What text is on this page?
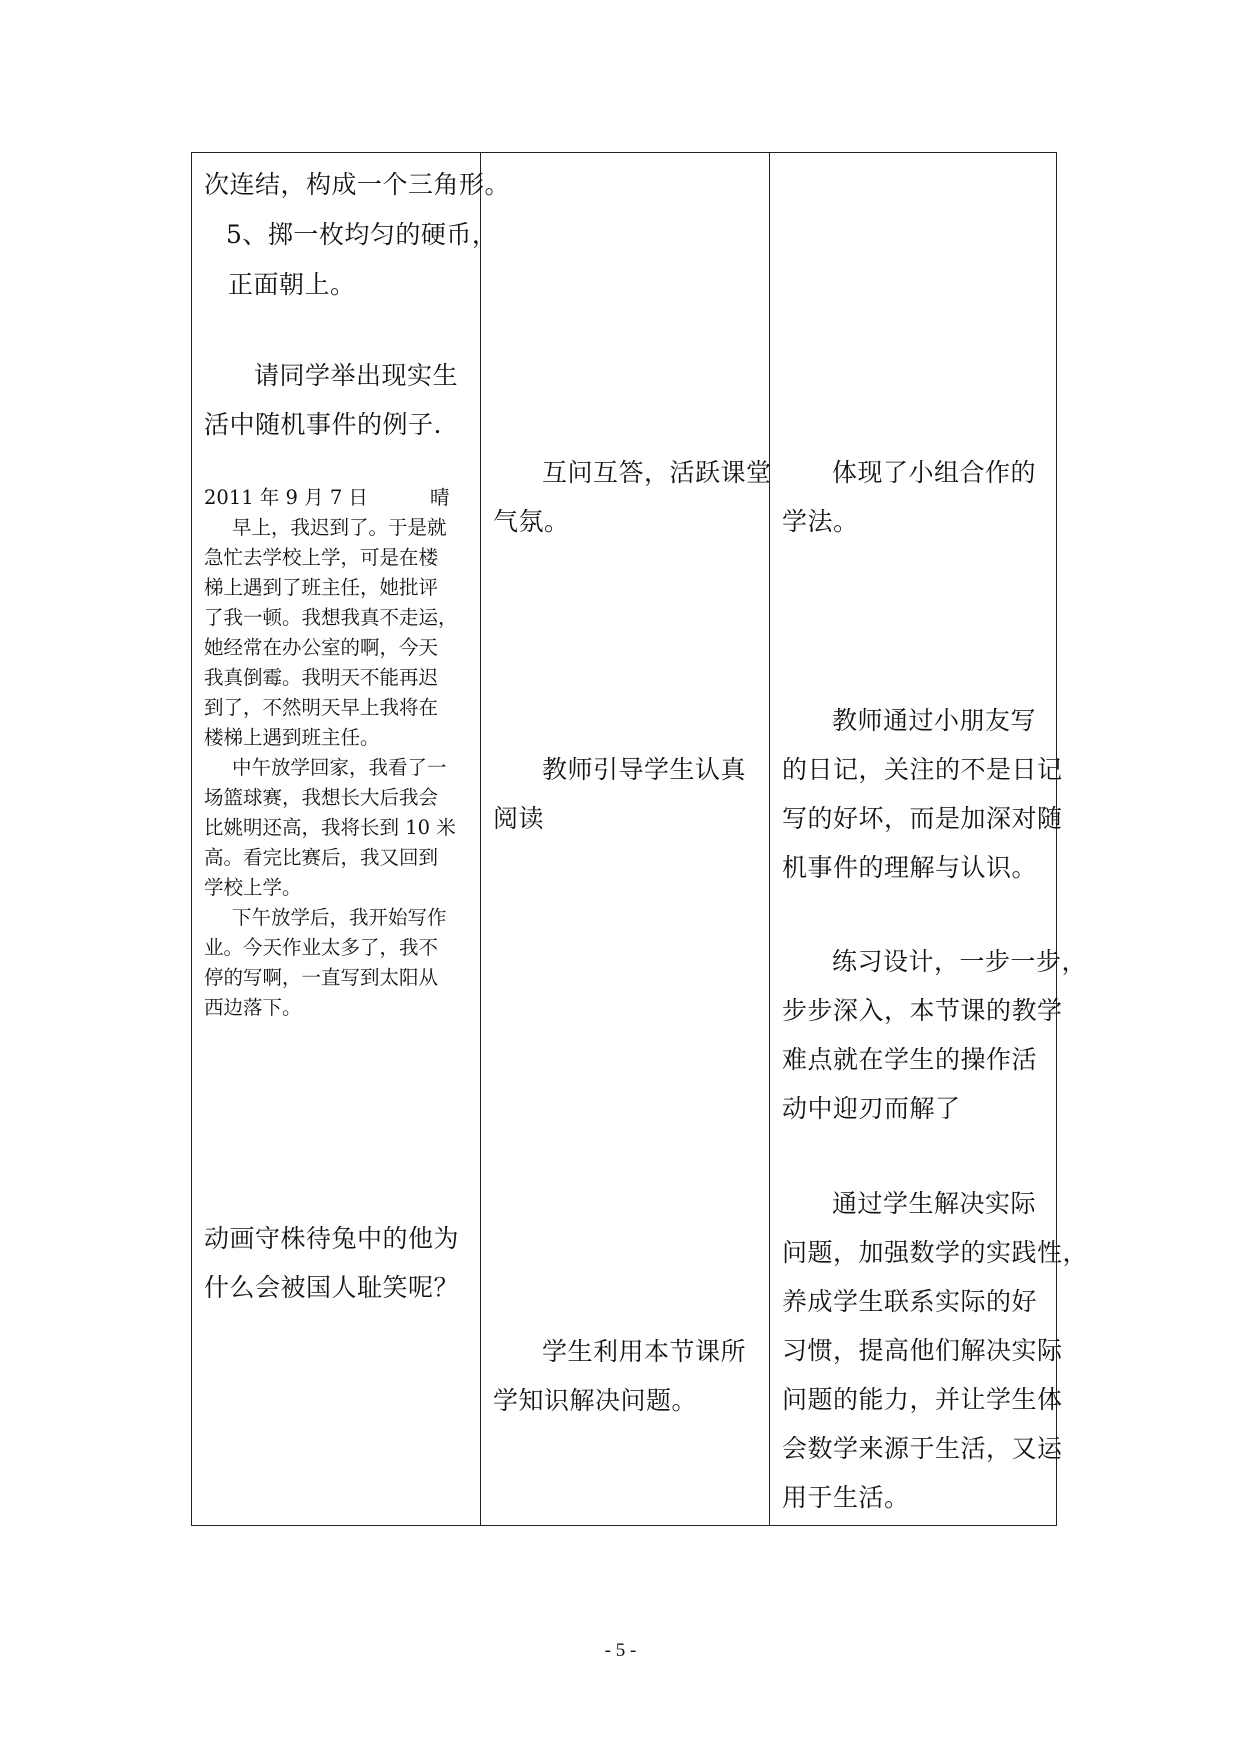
次连结，构成一个三角形。
5、掷一枚均匀的硬币，
正面朝上。
请同学举出现实生
活中随机事件的例子.
2011 年 9 月 7 日	晴
早上，我迟到了。于是就
急忙去学校上学，可是在楼
梯上遇到了班主任，她批评
了我一顿。我想我真不走运，
她经常在办公室的啊，今天
我真倒霉。我明天不能再迟
到了，不然明天早上我将在
楼梯上遇到班主任。
中午放学回家，我看了一
场篮球赛，我想长大后我会
比姚明还高，我将长到 10 米
高。看完比赛后，我又回到
学校上学。
下午放学后，我开始写作
业。今天作业太多了，我不
停的写啊，一直写到太阳从
西边落下。
动画守株待兔中的他为
什么会被国人耻笑呢？
互问互答，活跃课堂
气氛。
教师引导学生认真
阅读
学生利用本节课所
学知识解决问题。
体现了小组合作的
学法。
教师通过小朋友写
的日记，关注的不是日记
写的好坏，而是加深对随
机事件的理解与认识。
练习设计，一步一步，
步步深入，本节课的教学
难点就在学生的操作活
动中迎刃而解了
通过学生解决实际
问题，加强数学的实践性，
养成学生联系实际的好
习惯，提高他们解决实际
问题的能力，并让学生体
会数学来源于生活，又运
用于生活。
- 5 -
